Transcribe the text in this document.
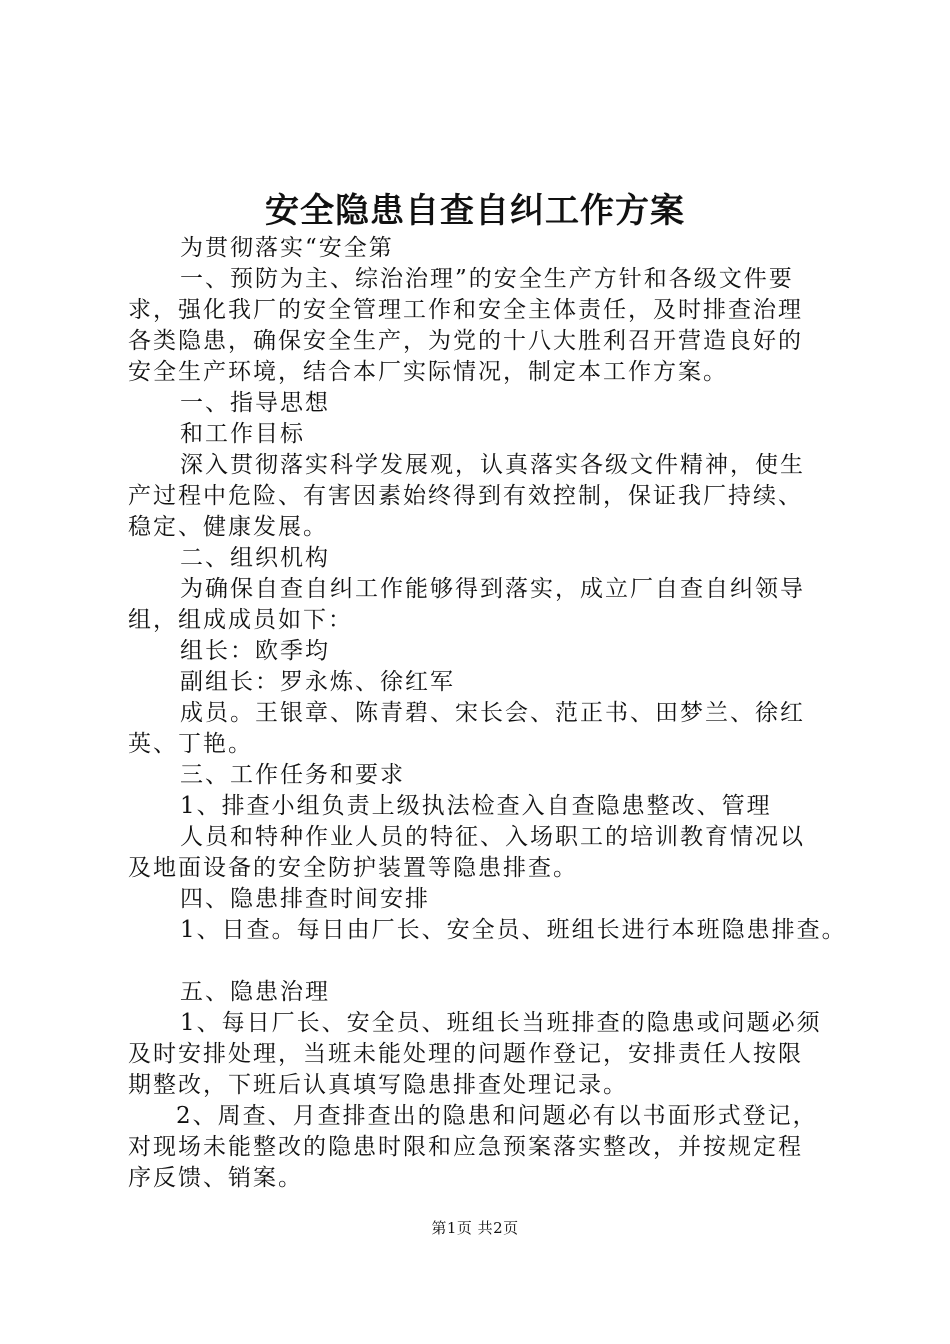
安全隐患自查自纠工作方案
为贯彻落实“安全第
一、预防为主、综治治理”的安全生产方针和各级文件要
求，强化我厂的安全管理工作和安全主体责任，及时排查治理
各类隐患，确保安全生产，为党的十八大胜利召开营造良好的
安全生产环境，结合本厂实际情况，制定本工作方案。
一、指导思想
和工作目标
深入贯彻落实科学发展观，认真落实各级文件精神，使生
产过程中危险、有害因素始终得到有效控制，保证我厂持续、
稳定、健康发展。
二、组织机构
为确保自查自纠工作能够得到落实，成立厂自查自纠领导
组，组成成员如下：
组长：欧季均
副组长：罗永炼、徐红军
成员。王银章、陈青碧、宋长会、范正书、田梦兰、徐红
英、丁艳。
三、工作任务和要求
1、排查小组负责上级执法检查入自查隐患整改、管理
人员和特种作业人员的特征、入场职工的培训教育情况以
及地面设备的安全防护装置等隐患排查。
四、隐患排查时间安排
1、日查。每日由厂长、安全员、班组长进行本班隐患排查。
五、隐患治理
1、每日厂长、安全员、班组长当班排查的隐患或问题必须
及时安排处理，当班未能处理的问题作登记，安排责任人按限
期整改，下班后认真填写隐患排查处理记录。
2、周查、月查排查出的隐患和问题必有以书面形式登记，
对现场未能整改的隐患时限和应急预案落实整改，并按规定程
序反馈、销案。
第1页 共2页
